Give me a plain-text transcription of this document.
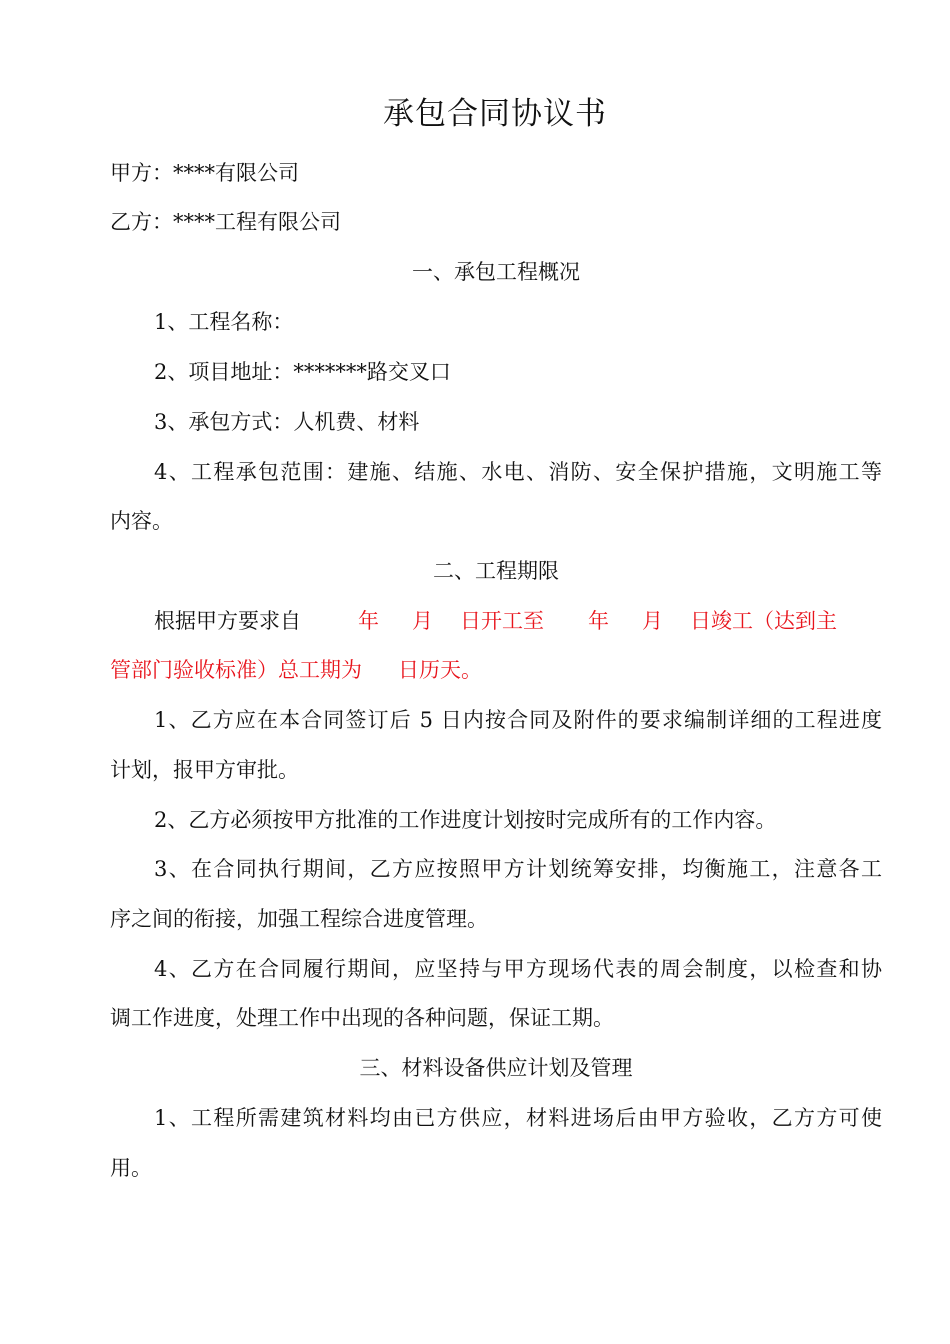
承包合同协议书
甲方：****有限公司
乙方：****工程有限公司
一、承包工程概况
1、工程名称：
2、项目地址：*******路交叉口
3、承包方式：人机费、材料
4、工程承包范围：建施、结施、水电、消防、安全保护措施，文明施工等
内容。
二、工程期限
根据甲方要求自	年 月 日开工至 年 月 日竣工（达到主
管部门验收标准）总工期为 日历天。
1、乙方应在本合同签订后 5 日内按合同及附件的要求编制详细的工程进度
计划，报甲方审批。
2、乙方必须按甲方批准的工作进度计划按时完成所有的工作内容。
3、在合同执行期间，乙方应按照甲方计划统筹安排，均衡施工，注意各工
序之间的衔接，加强工程综合进度管理。
4、乙方在合同履行期间，应坚持与甲方现场代表的周会制度，以检查和协
调工作进度，处理工作中出现的各种问题，保证工期。
三、材料设备供应计划及管理
1、工程所需建筑材料均由已方供应，材料进场后由甲方验收，乙方方可使
用。
